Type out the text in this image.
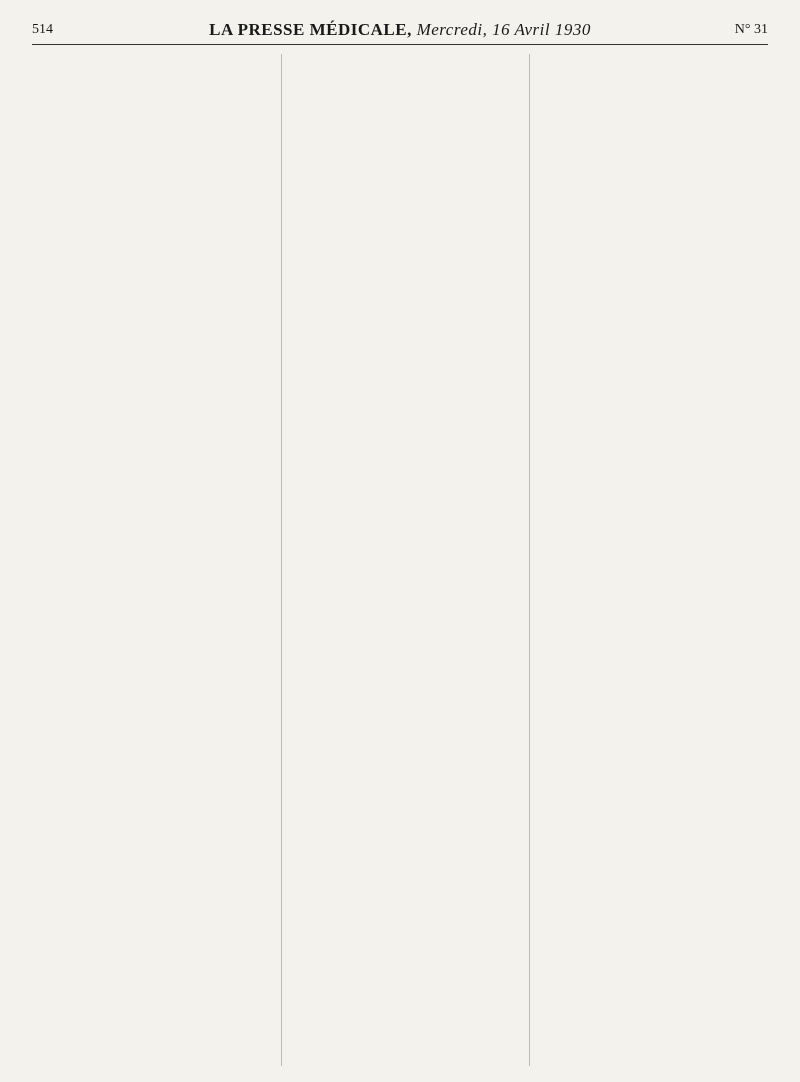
514	LA PRESSE MÉDICALE, Mercredi, 16 Avril 1930	N° 31
